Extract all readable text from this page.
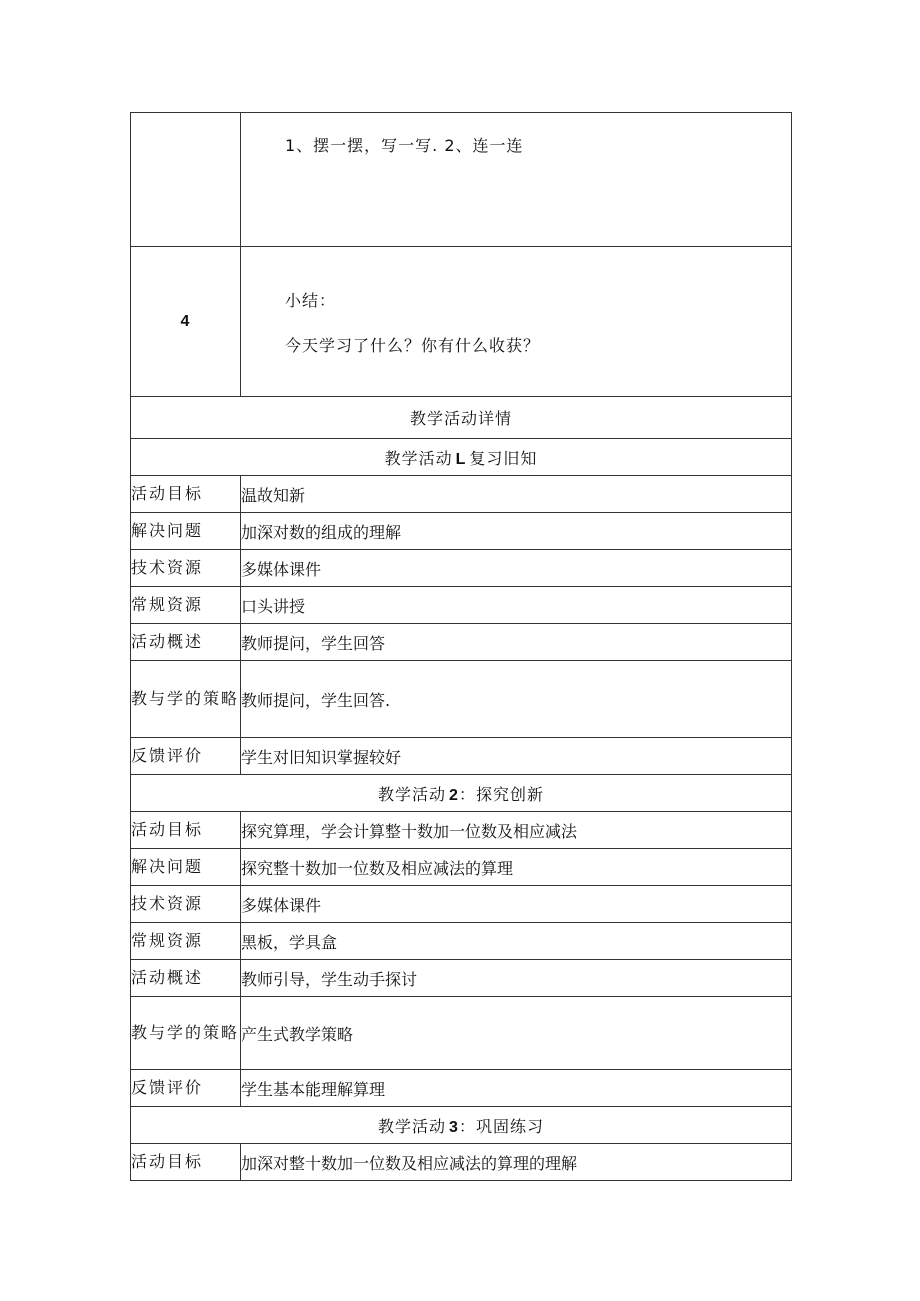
	1、摆一摆，写一写. 2、连一连
4	小结：

今天学习了什么？你有什么收获？

教学活动详情	
教学活动 L 复习旧知	
活动目标	温故知新
解决问题	加深对数的组成的理解
技术资源	多媒体课件
常规资源	口头讲授
活动概述	教师提问，学生回答
教与学的策略	教师提问，学生回答.
反馈评价	学生对旧知识掌握较好
教学活动 2：探究创新	
活动目标	探究算理，学会计算整十数加一位数及相应减法
解决问题	探究整十数加一位数及相应减法的算理
技术资源	多媒体课件
常规资源	黑板，学具盒
活动概述	教师引导，学生动手探讨
教与学的策略	产生式教学策略
反馈评价	学生基本能理解算理
教学活动 3：巩固练习	
活动目标	加深对整十数加一位数及相应减法的算理的理解
